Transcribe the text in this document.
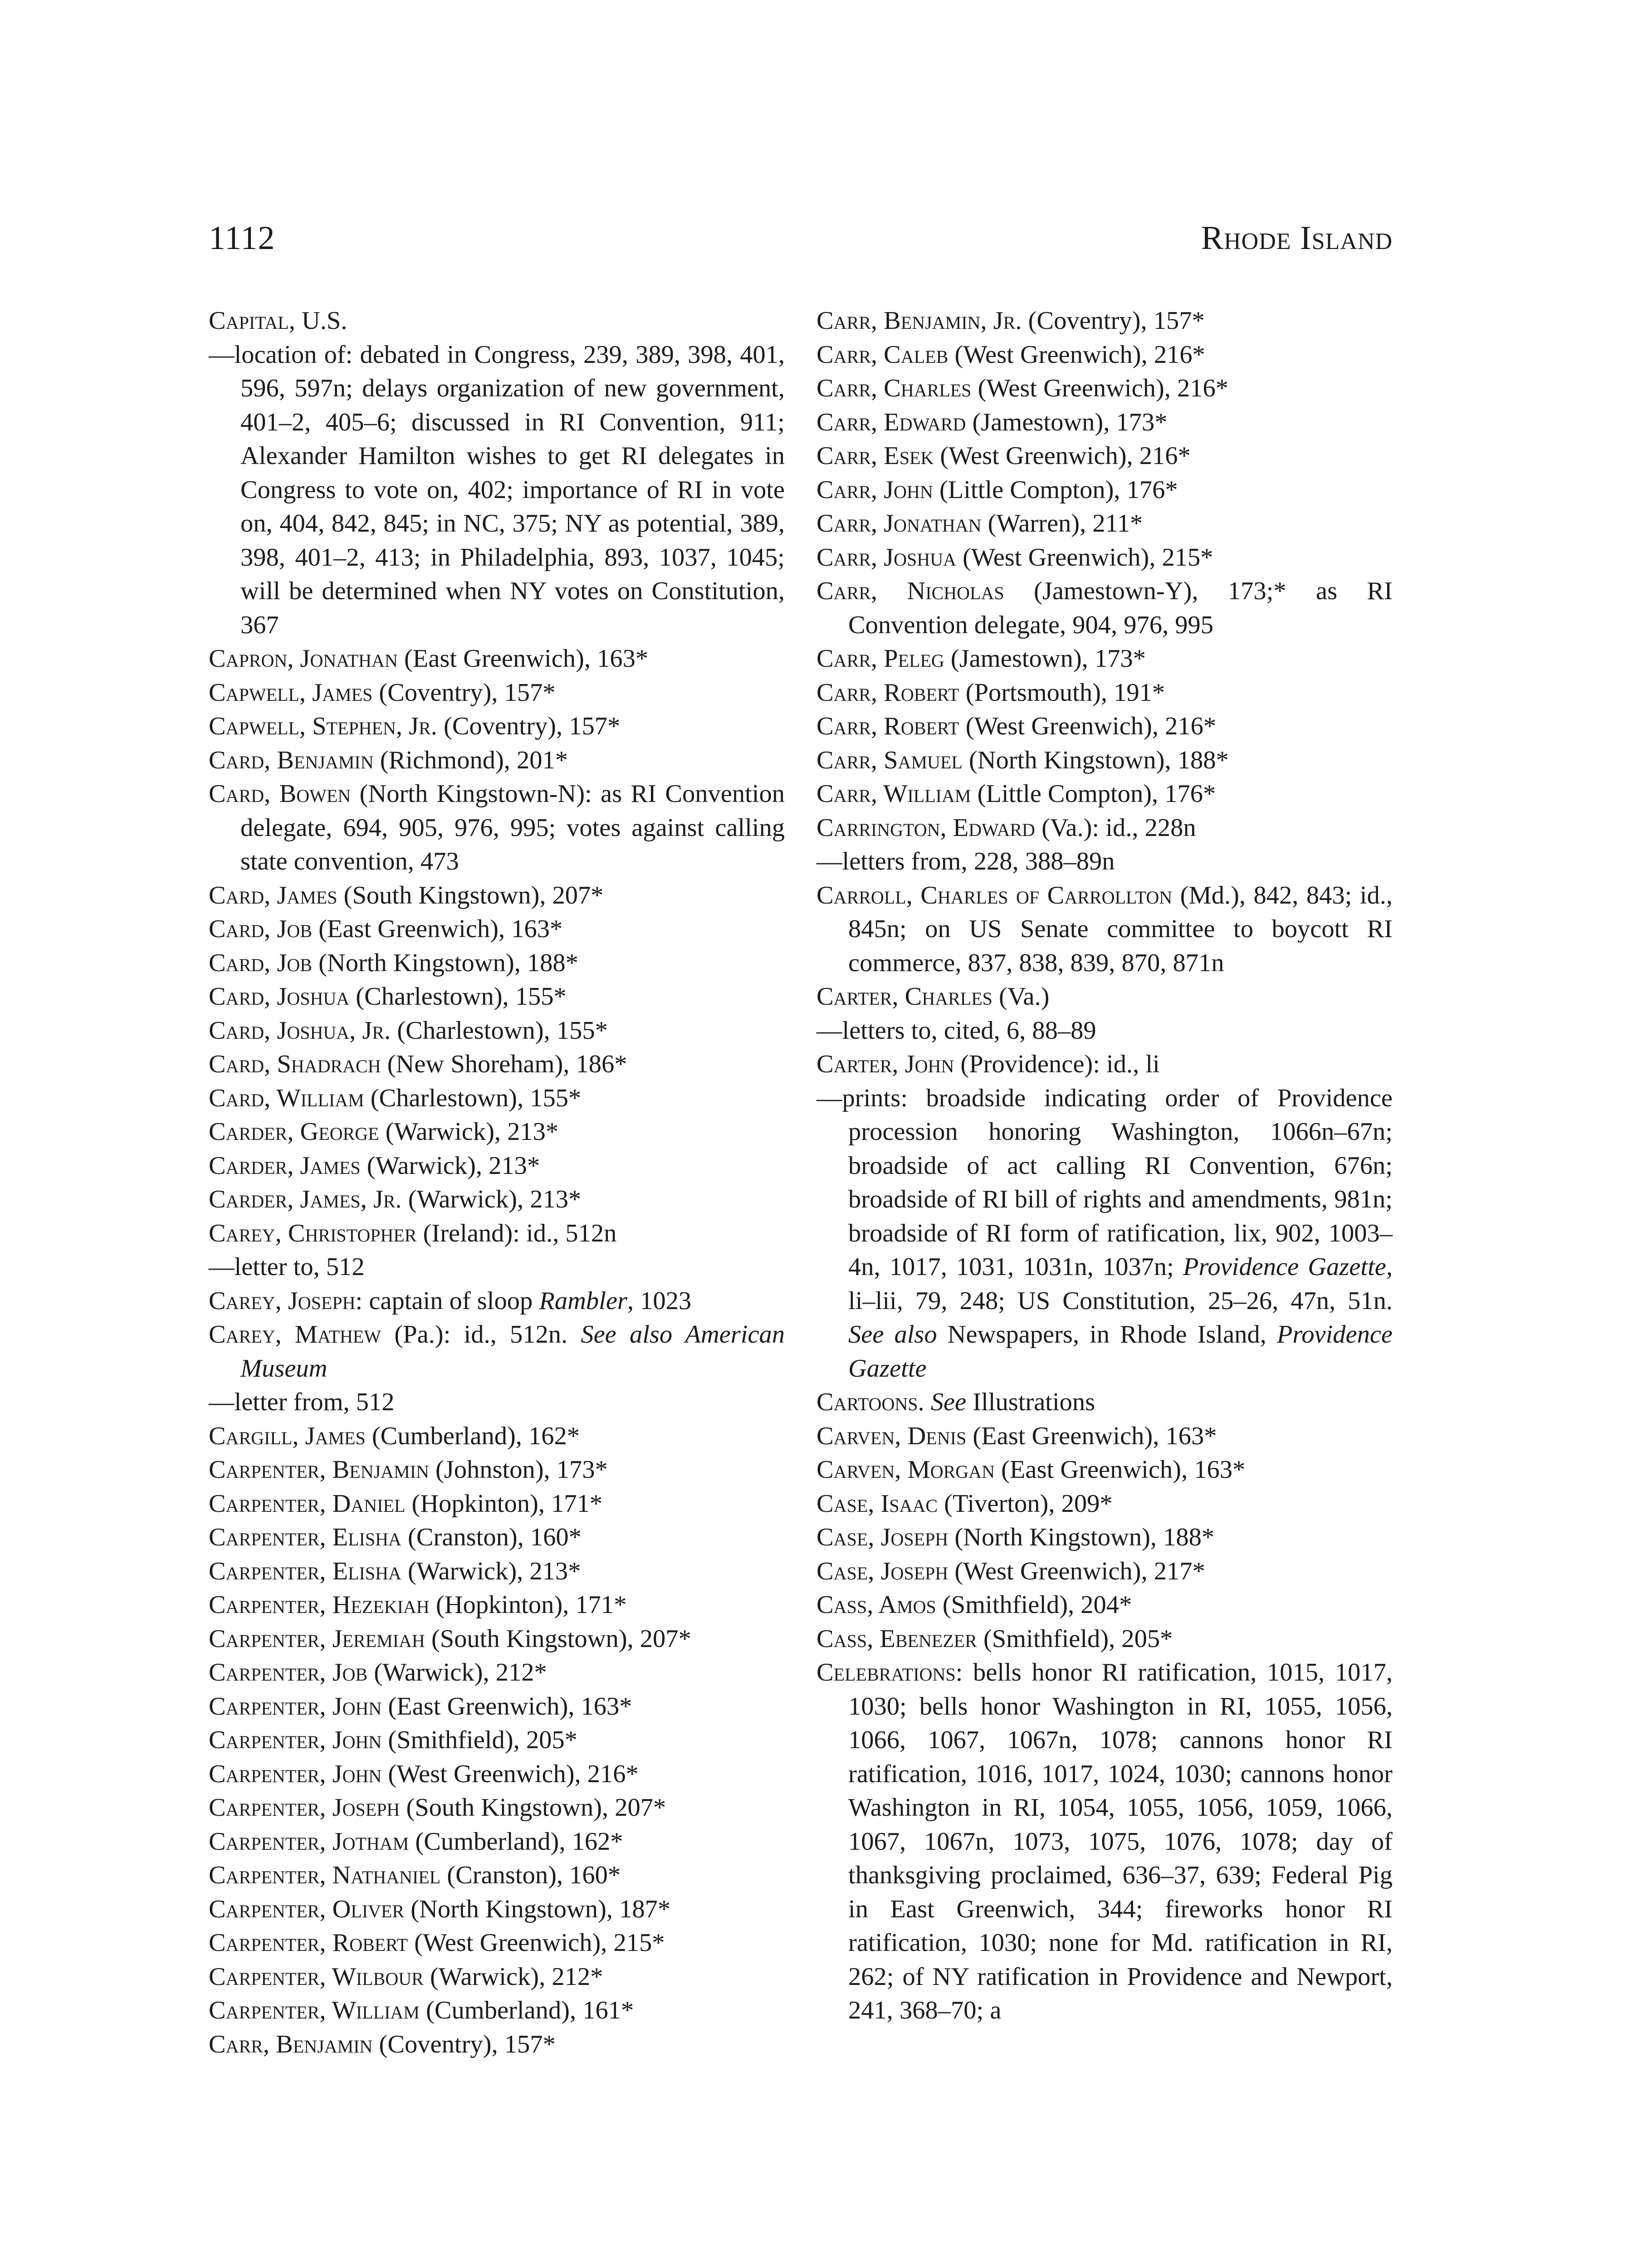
1112	Rhode Island

Capital, U.S.

—location of: debated in Congress, 239, 389, 398, 401, 596, 597n; delays organization of new government, 401–2, 405–6; discussed in RI Convention, 911; Alexander Hamilton wishes to get RI delegates in Congress to vote on, 402; importance of RI in vote on, 404, 842, 845; in NC, 375; NY as potential, 389, 398, 401–2, 413; in Philadelphia, 893, 1037, 1045; will be determined when NY votes on Constitution, 367

Capron, Jonathan (East Greenwich), 163*

Capwell, James (Coventry), 157*

Capwell, Stephen, Jr. (Coventry), 157*

Card, Benjamin (Richmond), 201*

Card, Bowen (North Kingstown-N): as RI Convention delegate, 694, 905, 976, 995; votes against calling state convention, 473

Card, James (South Kingstown), 207*

Card, Job (East Greenwich), 163*

Card, Job (North Kingstown), 188*

Card, Joshua (Charlestown), 155*

Card, Joshua, Jr. (Charlestown), 155*

Card, Shadrach (New Shoreham), 186*

Card, William (Charlestown), 155*

Carder, George (Warwick), 213*

Carder, James (Warwick), 213*

Carder, James, Jr. (Warwick), 213*

Carey, Christopher (Ireland): id., 512n

—letter to, 512

Carey, Joseph: captain of sloop Rambler, 1023

Carey, Mathew (Pa.): id., 512n. See also American Museum

—letter from, 512

Cargill, James (Cumberland), 162*

Carpenter, Benjamin (Johnston), 173*

Carpenter, Daniel (Hopkinton), 171*

Carpenter, Elisha (Cranston), 160*

Carpenter, Elisha (Warwick), 213*

Carpenter, Hezekiah (Hopkinton), 171*

Carpenter, Jeremiah (South Kingstown), 207*

Carpenter, Job (Warwick), 212*

Carpenter, John (East Greenwich), 163*

Carpenter, John (Smithfield), 205*

Carpenter, John (West Greenwich), 216*

Carpenter, Joseph (South Kingstown), 207*

Carpenter, Jotham (Cumberland), 162*

Carpenter, Nathaniel (Cranston), 160*

Carpenter, Oliver (North Kingstown), 187*

Carpenter, Robert (West Greenwich), 215*

Carpenter, Wilbour (Warwick), 212*

Carpenter, William (Cumberland), 161*

Carr, Benjamin (Coventry), 157*

Carr, Benjamin, Jr. (Coventry), 157*

Carr, Caleb (West Greenwich), 216*

Carr, Charles (West Greenwich), 216*

Carr, Edward (Jamestown), 173*

Carr, Esek (West Greenwich), 216*

Carr, John (Little Compton), 176*

Carr, Jonathan (Warren), 211*

Carr, Joshua (West Greenwich), 215*

Carr, Nicholas (Jamestown-Y), 173;* as RI Convention delegate, 904, 976, 995

Carr, Peleg (Jamestown), 173*

Carr, Robert (Portsmouth), 191*

Carr, Robert (West Greenwich), 216*

Carr, Samuel (North Kingstown), 188*

Carr, William (Little Compton), 176*

Carrington, Edward (Va.): id., 228n

—letters from, 228, 388–89n

Carroll, Charles of Carrollton (Md.), 842, 843; id., 845n; on US Senate committee to boycott RI commerce, 837, 838, 839, 870, 871n

Carter, Charles (Va.)

—letters to, cited, 6, 88–89

Carter, John (Providence): id., li

—prints: broadside indicating order of Providence procession honoring Washington, 1066n–67n; broadside of act calling RI Convention, 676n; broadside of RI bill of rights and amendments, 981n; broadside of RI form of ratification, lix, 902, 1003–4n, 1017, 1031, 1031n, 1037n; Providence Gazette, li–lii, 79, 248; US Constitution, 25–26, 47n, 51n. See also Newspapers, in Rhode Island, Providence Gazette

Cartoons. See Illustrations

Carven, Denis (East Greenwich), 163*

Carven, Morgan (East Greenwich), 163*

Case, Isaac (Tiverton), 209*

Case, Joseph (North Kingstown), 188*

Case, Joseph (West Greenwich), 217*

Cass, Amos (Smithfield), 204*

Cass, Ebenezer (Smithfield), 205*

Celebrations: bells honor RI ratification, 1015, 1017, 1030; bells honor Washington in RI, 1055, 1056, 1066, 1067, 1067n, 1078; cannons honor RI ratification, 1016, 1017, 1024, 1030; cannons honor Washington in RI, 1054, 1055, 1056, 1059, 1066, 1067, 1067n, 1073, 1075, 1076, 1078; day of thanksgiving proclaimed, 636–37, 639; Federal Pig in East Greenwich, 344; fireworks honor RI ratification, 1030; none for Md. ratification in RI, 262; of NY ratification in Providence and Newport, 241, 368–70; a
